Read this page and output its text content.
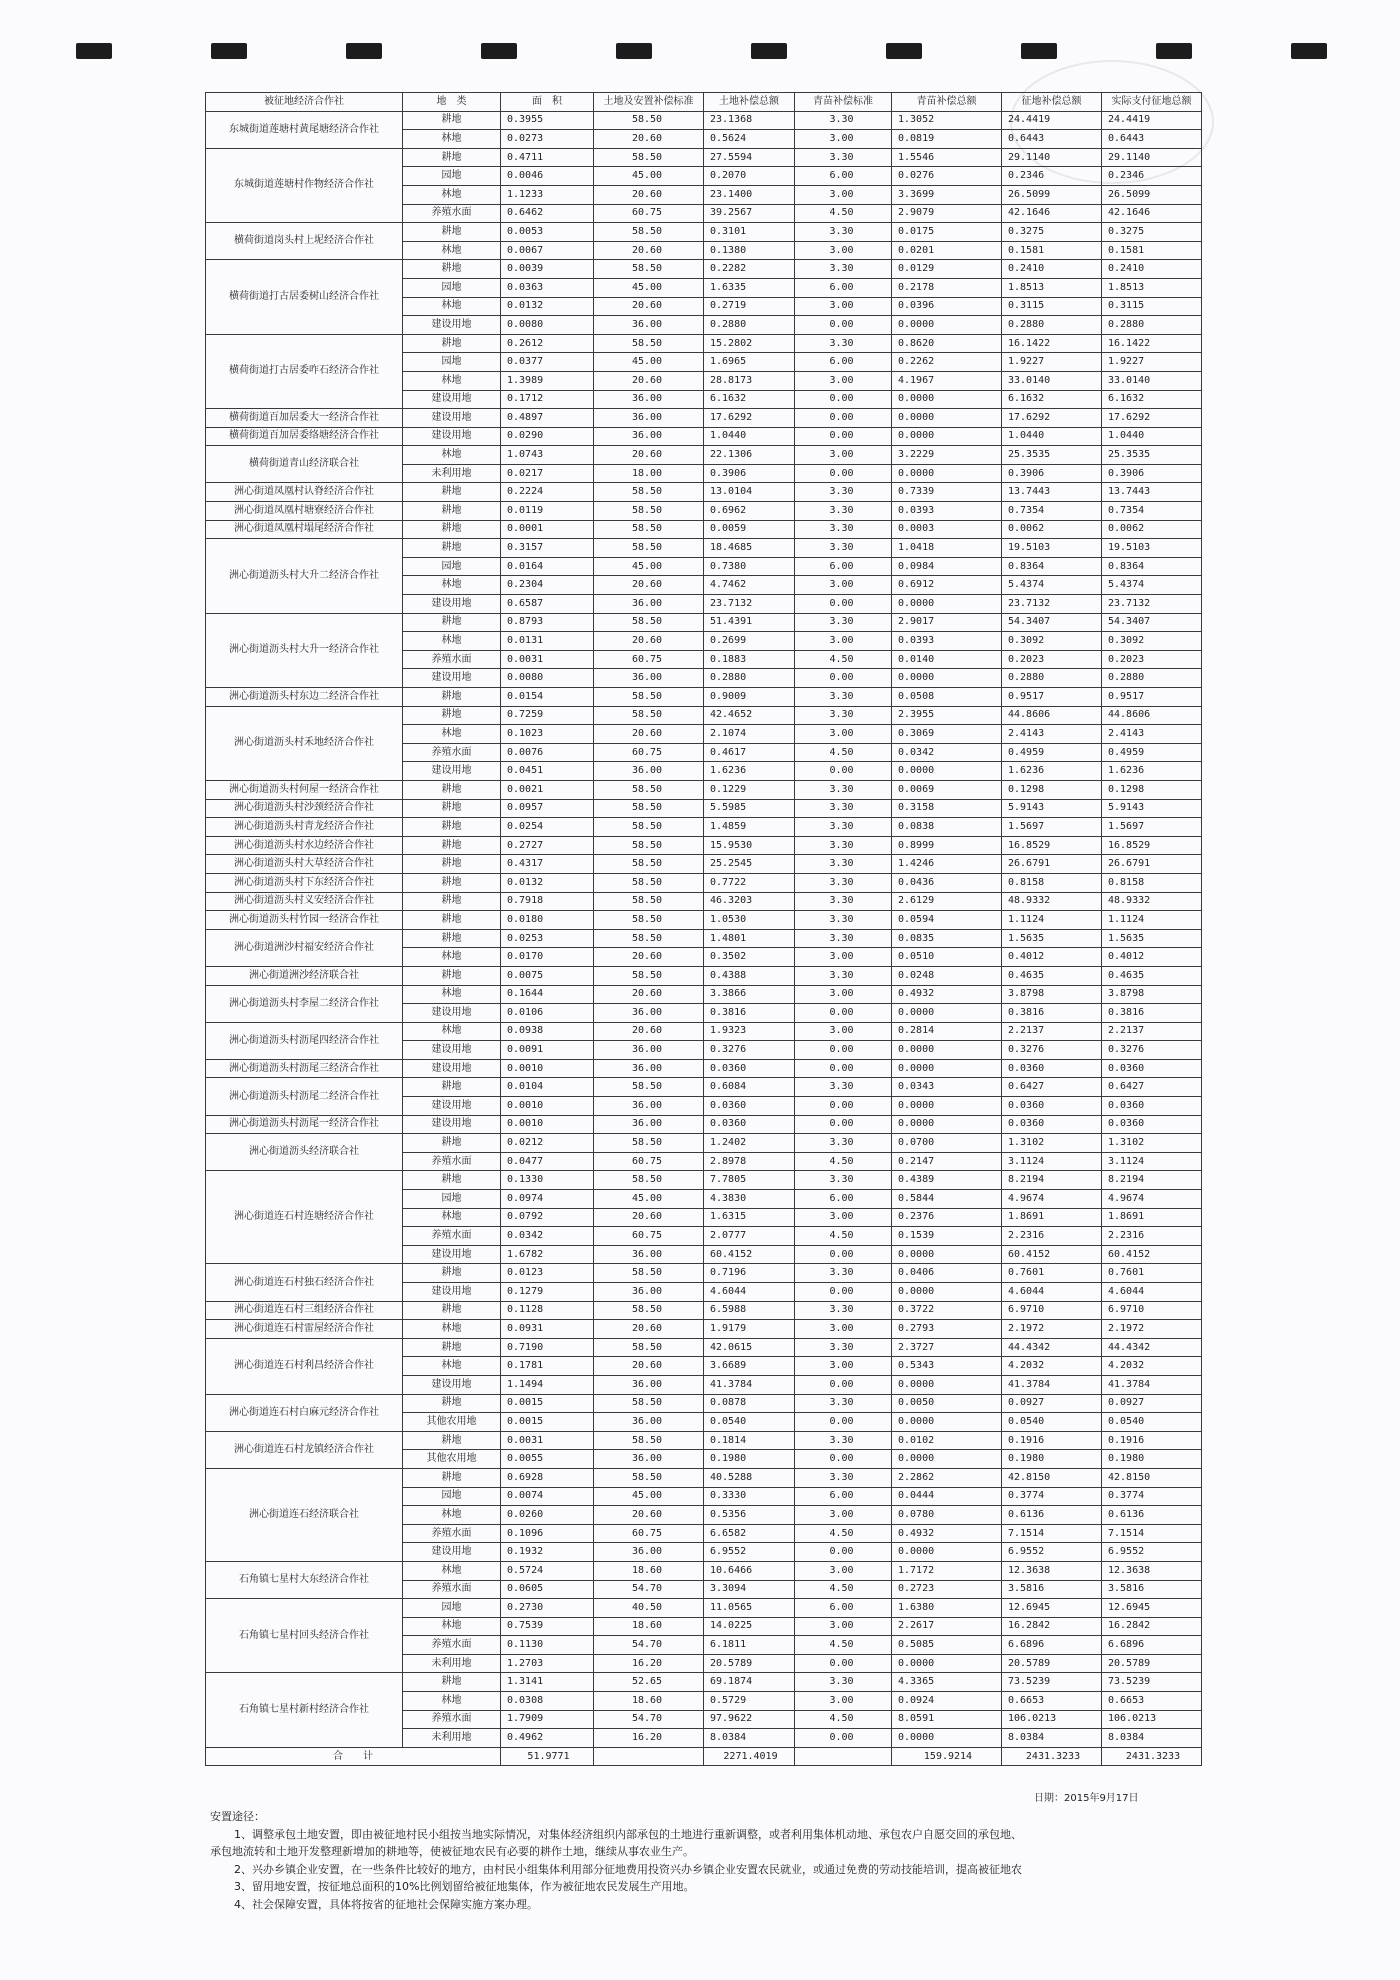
被征地经济合作社	地　类	面　积	土地及安置补偿标准	土地补偿总额	青苗补偿标准	青苗补偿总额	征地补偿总额	实际支付征地总额
东城街道莲塘村黄尾塘经济合作社	耕地	0.3955	58.50	23.1368	3.30	1.3052	24.4419	24.4419
	林地	0.0273	20.60	0.5624	3.00	0.0819	0.6443	0.6443
东城街道莲塘村作物经济合作社	耕地	0.4711	58.50	27.5594	3.30	1.5546	29.1140	29.1140
	园地	0.0046	45.00	0.2070	6.00	0.0276	0.2346	0.2346
	林地	1.1233	20.60	23.1400	3.00	3.3699	26.5099	26.5099
	养殖水面	0.6462	60.75	39.2567	4.50	2.9079	42.1646	42.1646
横荷街道岗头村上坭经济合作社	耕地	0.0053	58.50	0.3101	3.30	0.0175	0.3275	0.3275
	林地	0.0067	20.60	0.1380	3.00	0.0201	0.1581	0.1581
横荷街道打古居委树山经济合作社	耕地	0.0039	58.50	0.2282	3.30	0.0129	0.2410	0.2410
	园地	0.0363	45.00	1.6335	6.00	0.2178	1.8513	1.8513
	林地	0.0132	20.60	0.2719	3.00	0.0396	0.3115	0.3115
	建设用地	0.0080	36.00	0.2880	0.00	0.0000	0.2880	0.2880
横荷街道打古居委咋石经济合作社	耕地	0.2612	58.50	15.2802	3.30	0.8620	16.1422	16.1422
	园地	0.0377	45.00	1.6965	6.00	0.2262	1.9227	1.9227
	林地	1.3989	20.60	28.8173	3.00	4.1967	33.0140	33.0140
	建设用地	0.1712	36.00	6.1632	0.00	0.0000	6.1632	6.1632
横荷街道百加居委大一经济合作社	建设用地	0.4897	36.00	17.6292	0.00	0.0000	17.6292	17.6292
横荷街道百加居委络塘经济合作社	建设用地	0.0290	36.00	1.0440	0.00	0.0000	1.0440	1.0440
横荷街道青山经济联合社	林地	1.0743	20.60	22.1306	3.00	3.2229	25.3535	25.3535
	未利用地	0.0217	18.00	0.3906	0.00	0.0000	0.3906	0.3906
洲心街道凤凰村认脊经济合作社	耕地	0.2224	58.50	13.0104	3.30	0.7339	13.7443	13.7443
洲心街道凤凰村塘寮经济合作社	耕地	0.0119	58.50	0.6962	3.30	0.0393	0.7354	0.7354
洲心街道凤凰村塌尾经济合作社	耕地	0.0001	58.50	0.0059	3.30	0.0003	0.0062	0.0062
洲心街道沥头村大升二经济合作社	耕地	0.3157	58.50	18.4685	3.30	1.0418	19.5103	19.5103
	园地	0.0164	45.00	0.7380	6.00	0.0984	0.8364	0.8364
	林地	0.2304	20.60	4.7462	3.00	0.6912	5.4374	5.4374
	建设用地	0.6587	36.00	23.7132	0.00	0.0000	23.7132	23.7132
洲心街道沥头村大升一经济合作社	耕地	0.8793	58.50	51.4391	3.30	2.9017	54.3407	54.3407
	林地	0.0131	20.60	0.2699	3.00	0.0393	0.3092	0.3092
	养殖水面	0.0031	60.75	0.1883	4.50	0.0140	0.2023	0.2023
	建设用地	0.0080	36.00	0.2880	0.00	0.0000	0.2880	0.2880
洲心街道沥头村东边二经济合作社	耕地	0.0154	58.50	0.9009	3.30	0.0508	0.9517	0.9517
洲心街道沥头村禾地经济合作社	耕地	0.7259	58.50	42.4652	3.30	2.3955	44.8606	44.8606
	林地	0.1023	20.60	2.1074	3.00	0.3069	2.4143	2.4143
	养殖水面	0.0076	60.75	0.4617	4.50	0.0342	0.4959	0.4959
	建设用地	0.0451	36.00	1.6236	0.00	0.0000	1.6236	1.6236
洲心街道沥头村何屋一经济合作社	耕地	0.0021	58.50	0.1229	3.30	0.0069	0.1298	0.1298
洲心街道沥头村沙颈经济合作社	耕地	0.0957	58.50	5.5985	3.30	0.3158	5.9143	5.9143
洲心街道沥头村青龙经济合作社	耕地	0.0254	58.50	1.4859	3.30	0.0838	1.5697	1.5697
洲心街道沥头村水边经济合作社	耕地	0.2727	58.50	15.9530	3.30	0.8999	16.8529	16.8529
洲心街道沥头村大草经济合作社	耕地	0.4317	58.50	25.2545	3.30	1.4246	26.6791	26.6791
洲心街道沥头村下东经济合作社	耕地	0.0132	58.50	0.7722	3.30	0.0436	0.8158	0.8158
洲心街道沥头村义安经济合作社	耕地	0.7918	58.50	46.3203	3.30	2.6129	48.9332	48.9332
洲心街道沥头村竹园一经济合作社	耕地	0.0180	58.50	1.0530	3.30	0.0594	1.1124	1.1124
洲心街道洲沙村福安经济合作社	耕地	0.0253	58.50	1.4801	3.30	0.0835	1.5635	1.5635
	林地	0.0170	20.60	0.3502	3.00	0.0510	0.4012	0.4012
洲心街道洲沙经济联合社	耕地	0.0075	58.50	0.4388	3.30	0.0248	0.4635	0.4635
洲心街道沥头村李屋二经济合作社	林地	0.1644	20.60	3.3866	3.00	0.4932	3.8798	3.8798
	建设用地	0.0106	36.00	0.3816	0.00	0.0000	0.3816	0.3816
洲心街道沥头村沥尾四经济合作社	林地	0.0938	20.60	1.9323	3.00	0.2814	2.2137	2.2137
	建设用地	0.0091	36.00	0.3276	0.00	0.0000	0.3276	0.3276
洲心街道沥头村沥尾三经济合作社	建设用地	0.0010	36.00	0.0360	0.00	0.0000	0.0360	0.0360
洲心街道沥头村沥尾二经济合作社	耕地	0.0104	58.50	0.6084	3.30	0.0343	0.6427	0.6427
	建设用地	0.0010	36.00	0.0360	0.00	0.0000	0.0360	0.0360
洲心街道沥头村沥尾一经济合作社	建设用地	0.0010	36.00	0.0360	0.00	0.0000	0.0360	0.0360
洲心街道沥头经济联合社	耕地	0.0212	58.50	1.2402	3.30	0.0700	1.3102	1.3102
	养殖水面	0.0477	60.75	2.8978	4.50	0.2147	3.1124	3.1124
洲心街道连石村连塘经济合作社	耕地	0.1330	58.50	7.7805	3.30	0.4389	8.2194	8.2194
	园地	0.0974	45.00	4.3830	6.00	0.5844	4.9674	4.9674
	林地	0.0792	20.60	1.6315	3.00	0.2376	1.8691	1.8691
	养殖水面	0.0342	60.75	2.0777	4.50	0.1539	2.2316	2.2316
	建设用地	1.6782	36.00	60.4152	0.00	0.0000	60.4152	60.4152
洲心街道连石村独石经济合作社	耕地	0.0123	58.50	0.7196	3.30	0.0406	0.7601	0.7601
	建设用地	0.1279	36.00	4.6044	0.00	0.0000	4.6044	4.6044
洲心街道连石村三组经济合作社	耕地	0.1128	58.50	6.5988	3.30	0.3722	6.9710	6.9710
洲心街道连石村雷屋经济合作社	林地	0.0931	20.60	1.9179	3.00	0.2793	2.1972	2.1972
洲心街道连石村利昌经济合作社	耕地	0.7190	58.50	42.0615	3.30	2.3727	44.4342	44.4342
	林地	0.1781	20.60	3.6689	3.00	0.5343	4.2032	4.2032
	建设用地	1.1494	36.00	41.3784	0.00	0.0000	41.3784	41.3784
洲心街道连石村白麻元经济合作社	耕地	0.0015	58.50	0.0878	3.30	0.0050	0.0927	0.0927
	其他农用地	0.0015	36.00	0.0540	0.00	0.0000	0.0540	0.0540
洲心街道连石村龙镇经济合作社	耕地	0.0031	58.50	0.1814	3.30	0.0102	0.1916	0.1916
	其他农用地	0.0055	36.00	0.1980	0.00	0.0000	0.1980	0.1980
洲心街道连石经济联合社	耕地	0.6928	58.50	40.5288	3.30	2.2862	42.8150	42.8150
	园地	0.0074	45.00	0.3330	6.00	0.0444	0.3774	0.3774
	林地	0.0260	20.60	0.5356	3.00	0.0780	0.6136	0.6136
	养殖水面	0.1096	60.75	6.6582	4.50	0.4932	7.1514	7.1514
	建设用地	0.1932	36.00	6.9552	0.00	0.0000	6.9552	6.9552
石角镇七星村大东经济合作社	林地	0.5724	18.60	10.6466	3.00	1.7172	12.3638	12.3638
	养殖水面	0.0605	54.70	3.3094	4.50	0.2723	3.5816	3.5816
石角镇七星村回头经济合作社	园地	0.2730	40.50	11.0565	6.00	1.6380	12.6945	12.6945
	林地	0.7539	18.60	14.0225	3.00	2.2617	16.2842	16.2842
	养殖水面	0.1130	54.70	6.1811	4.50	0.5085	6.6896	6.6896
	未利用地	1.2703	16.20	20.5789	0.00	0.0000	20.5789	20.5789
石角镇七星村新村经济合作社	耕地	1.3141	52.65	69.1874	3.30	4.3365	73.5239	73.5239
	林地	0.0308	18.60	0.5729	3.00	0.0924	0.6653	0.6653
	养殖水面	1.7909	54.70	97.9622	4.50	8.0591	106.0213	106.0213
	未利用地	0.4962	16.20	8.0384	0.00	0.0000	8.0384	8.0384
合　　计		51.9771		2271.4019		159.9214	2431.3233	2431.3233
日期：2015年9月17日
安置途径：
1、调整承包土地安置，即由被征地村民小组按当地实际情况，对集体经济组织内部承包的土地进行重新调整，或者利用集体机动地、承包农户自愿交回的承包地、
承包地流转和土地开发整理新增加的耕地等，使被征地农民有必要的耕作土地，继续从事农业生产。
2、兴办乡镇企业安置，在一些条件比较好的地方，由村民小组集体利用部分征地费用投资兴办乡镇企业安置农民就业，或通过免费的劳动技能培训，提高被征地农
3、留用地安置，按征地总面积的10%比例划留给被征地集体，作为被征地农民发展生产用地。
4、社会保障安置，具体将按省的征地社会保障实施方案办理。
